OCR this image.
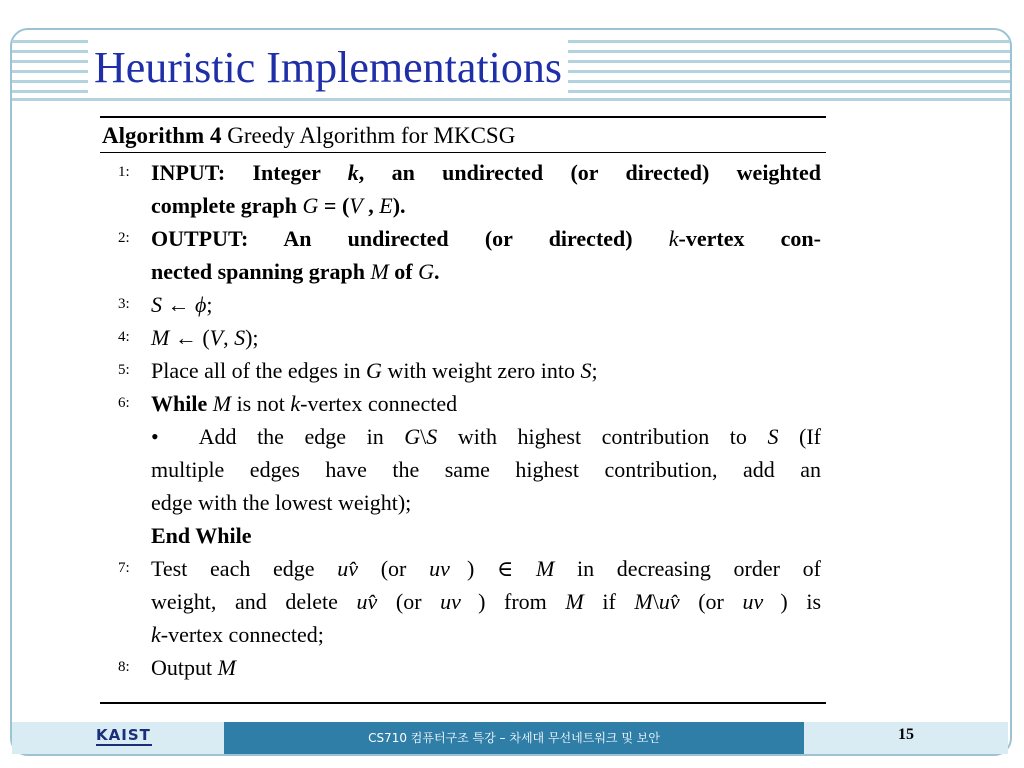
Heuristic Implementations
Algorithm 4 Greedy Algorithm for MKCSG
1: INPUT: Integer k, an undirected (or directed) weighted
complete graph G = (V , E).
2: OUTPUT: An undirected (or directed) k-vertex con-
nected spanning graph M of G.
3: S ← ϕ;
4: M ← (V, S);
5: Place all of the edges in G with weight zero into S;
6: While M is not k-vertex connected

•  Add the edge in G\S with highest contribution to S (If
multiple edges have the same highest contribution, add an
edge with the lowest weight);
End While
7: Test each edge uv̂ (or uv⃗) ∈ M in decreasing order of
weight, and delete uv̂ (or uv⃗) from M if M\uv̂ (or uv⃗) is
k-vertex connected;
8: Output M
KAIST	CS710 컴퓨터구조 특강 – 차세대 무선네트워크 및 보안	15
